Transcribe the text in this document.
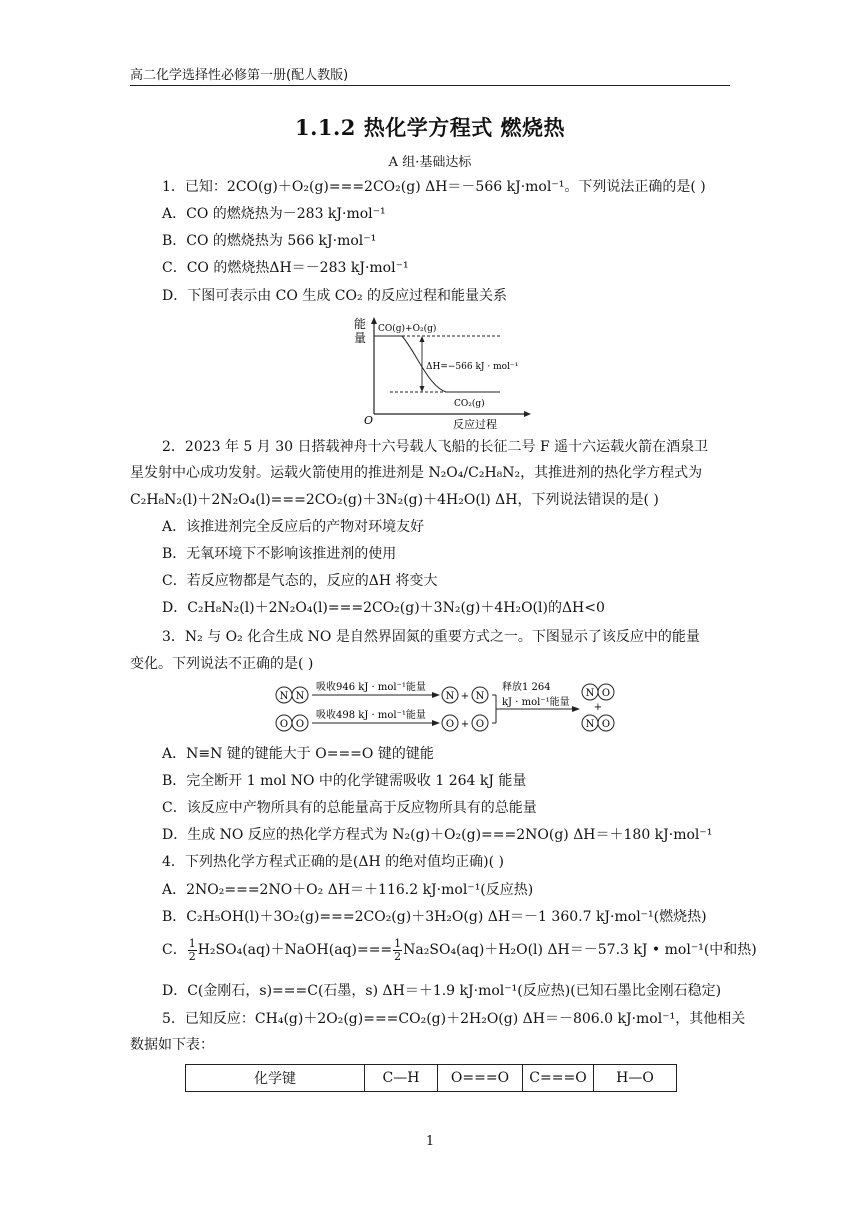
高二化学选择性必修第一册(配人教版)
1.1.2 热化学方程式 燃烧热
A 组·基础达标
1．已知：2CO(g)＋O₂(g)===2CO₂(g) ΔH＝－566 kJ·mol⁻¹。下列说法正确的是( )
A．CO 的燃烧热为－283 kJ·mol⁻¹
B．CO 的燃烧热为 566 kJ·mol⁻¹
C．CO 的燃烧热ΔH＝－283 kJ·mol⁻¹
D．下图可表示由 CO 生成 CO₂ 的反应过程和能量关系
能
量
O	反应过程
CO(g)+O₂(g)
CO₂(g)
ΔH=−566 kJ · mol⁻¹
2．2023 年 5 月 30 日搭载神舟十六号载人飞船的长征二号 F 遥十六运载火箭在酒泉卫
星发射中心成功发射。运载火箭使用的推进剂是 N₂O₄/C₂H₈N₂，其推进剂的热化学方程式为
C₂H₈N₂(l)＋2N₂O₄(l)===2CO₂(g)＋3N₂(g)＋4H₂O(l) ΔH，下列说法错误的是( )
A．该推进剂完全反应后的产物对环境友好
B．无氧环境下不影响该推进剂的使用
C．若反应物都是气态的，反应的ΔH 将变大
D．C₂H₈N₂(l)＋2N₂O₄(l)===2CO₂(g)＋3N₂(g)＋4H₂O(l)的ΔH<0
3．N₂ 与 O₂ 化合生成 NO 是自然界固氮的重要方式之一。下图显示了该反应中的能量
变化。下列说法不正确的是( )
N N
O O
N N
+
O O
+
N O
+
N O
吸收946 kJ · mol⁻¹能量
吸收498 kJ · mol⁻¹能量
释放1 264
kJ · mol⁻¹能量
A．N≡N 键的键能大于 O===O 键的键能
B．完全断开 1 mol NO 中的化学键需吸收 1 264 kJ 能量
C．该反应中产物所具有的总能量高于反应物所具有的总能量
D．生成 NO 反应的热化学方程式为 N₂(g)＋O₂(g)===2NO(g) ΔH＝＋180 kJ·mol⁻¹
4．下列热化学方程式正确的是(ΔH 的绝对值均正确)( )
A．2NO₂===2NO＋O₂ ΔH＝＋116.2 kJ·mol⁻¹(反应热)
B．C₂H₅OH(l)＋3O₂(g)===2CO₂(g)＋3H₂O(g) ΔH＝－1 360.7 kJ·mol⁻¹(燃烧热)
C． $\frac{1}{2}$ H₂SO₄(aq)＋NaOH(aq)=== $\frac{1}{2} Na_2SO_4(aq)+H_2O(l)$ ΔH＝－57.3 kJ • mol⁻¹(中和热)
D．C(金刚石，s)===C(石墨，s) ΔH＝＋1.9 kJ·mol⁻¹(反应热)(已知石墨比金刚石稳定)
5．已知反应：CH₄(g)＋2O₂(g)===CO₂(g)＋2H₂O(g) ΔH＝－806.0 kJ·mol⁻¹，其他相关
数据如下表：
化学键	C—H	O===O	C===O	H—O
1
